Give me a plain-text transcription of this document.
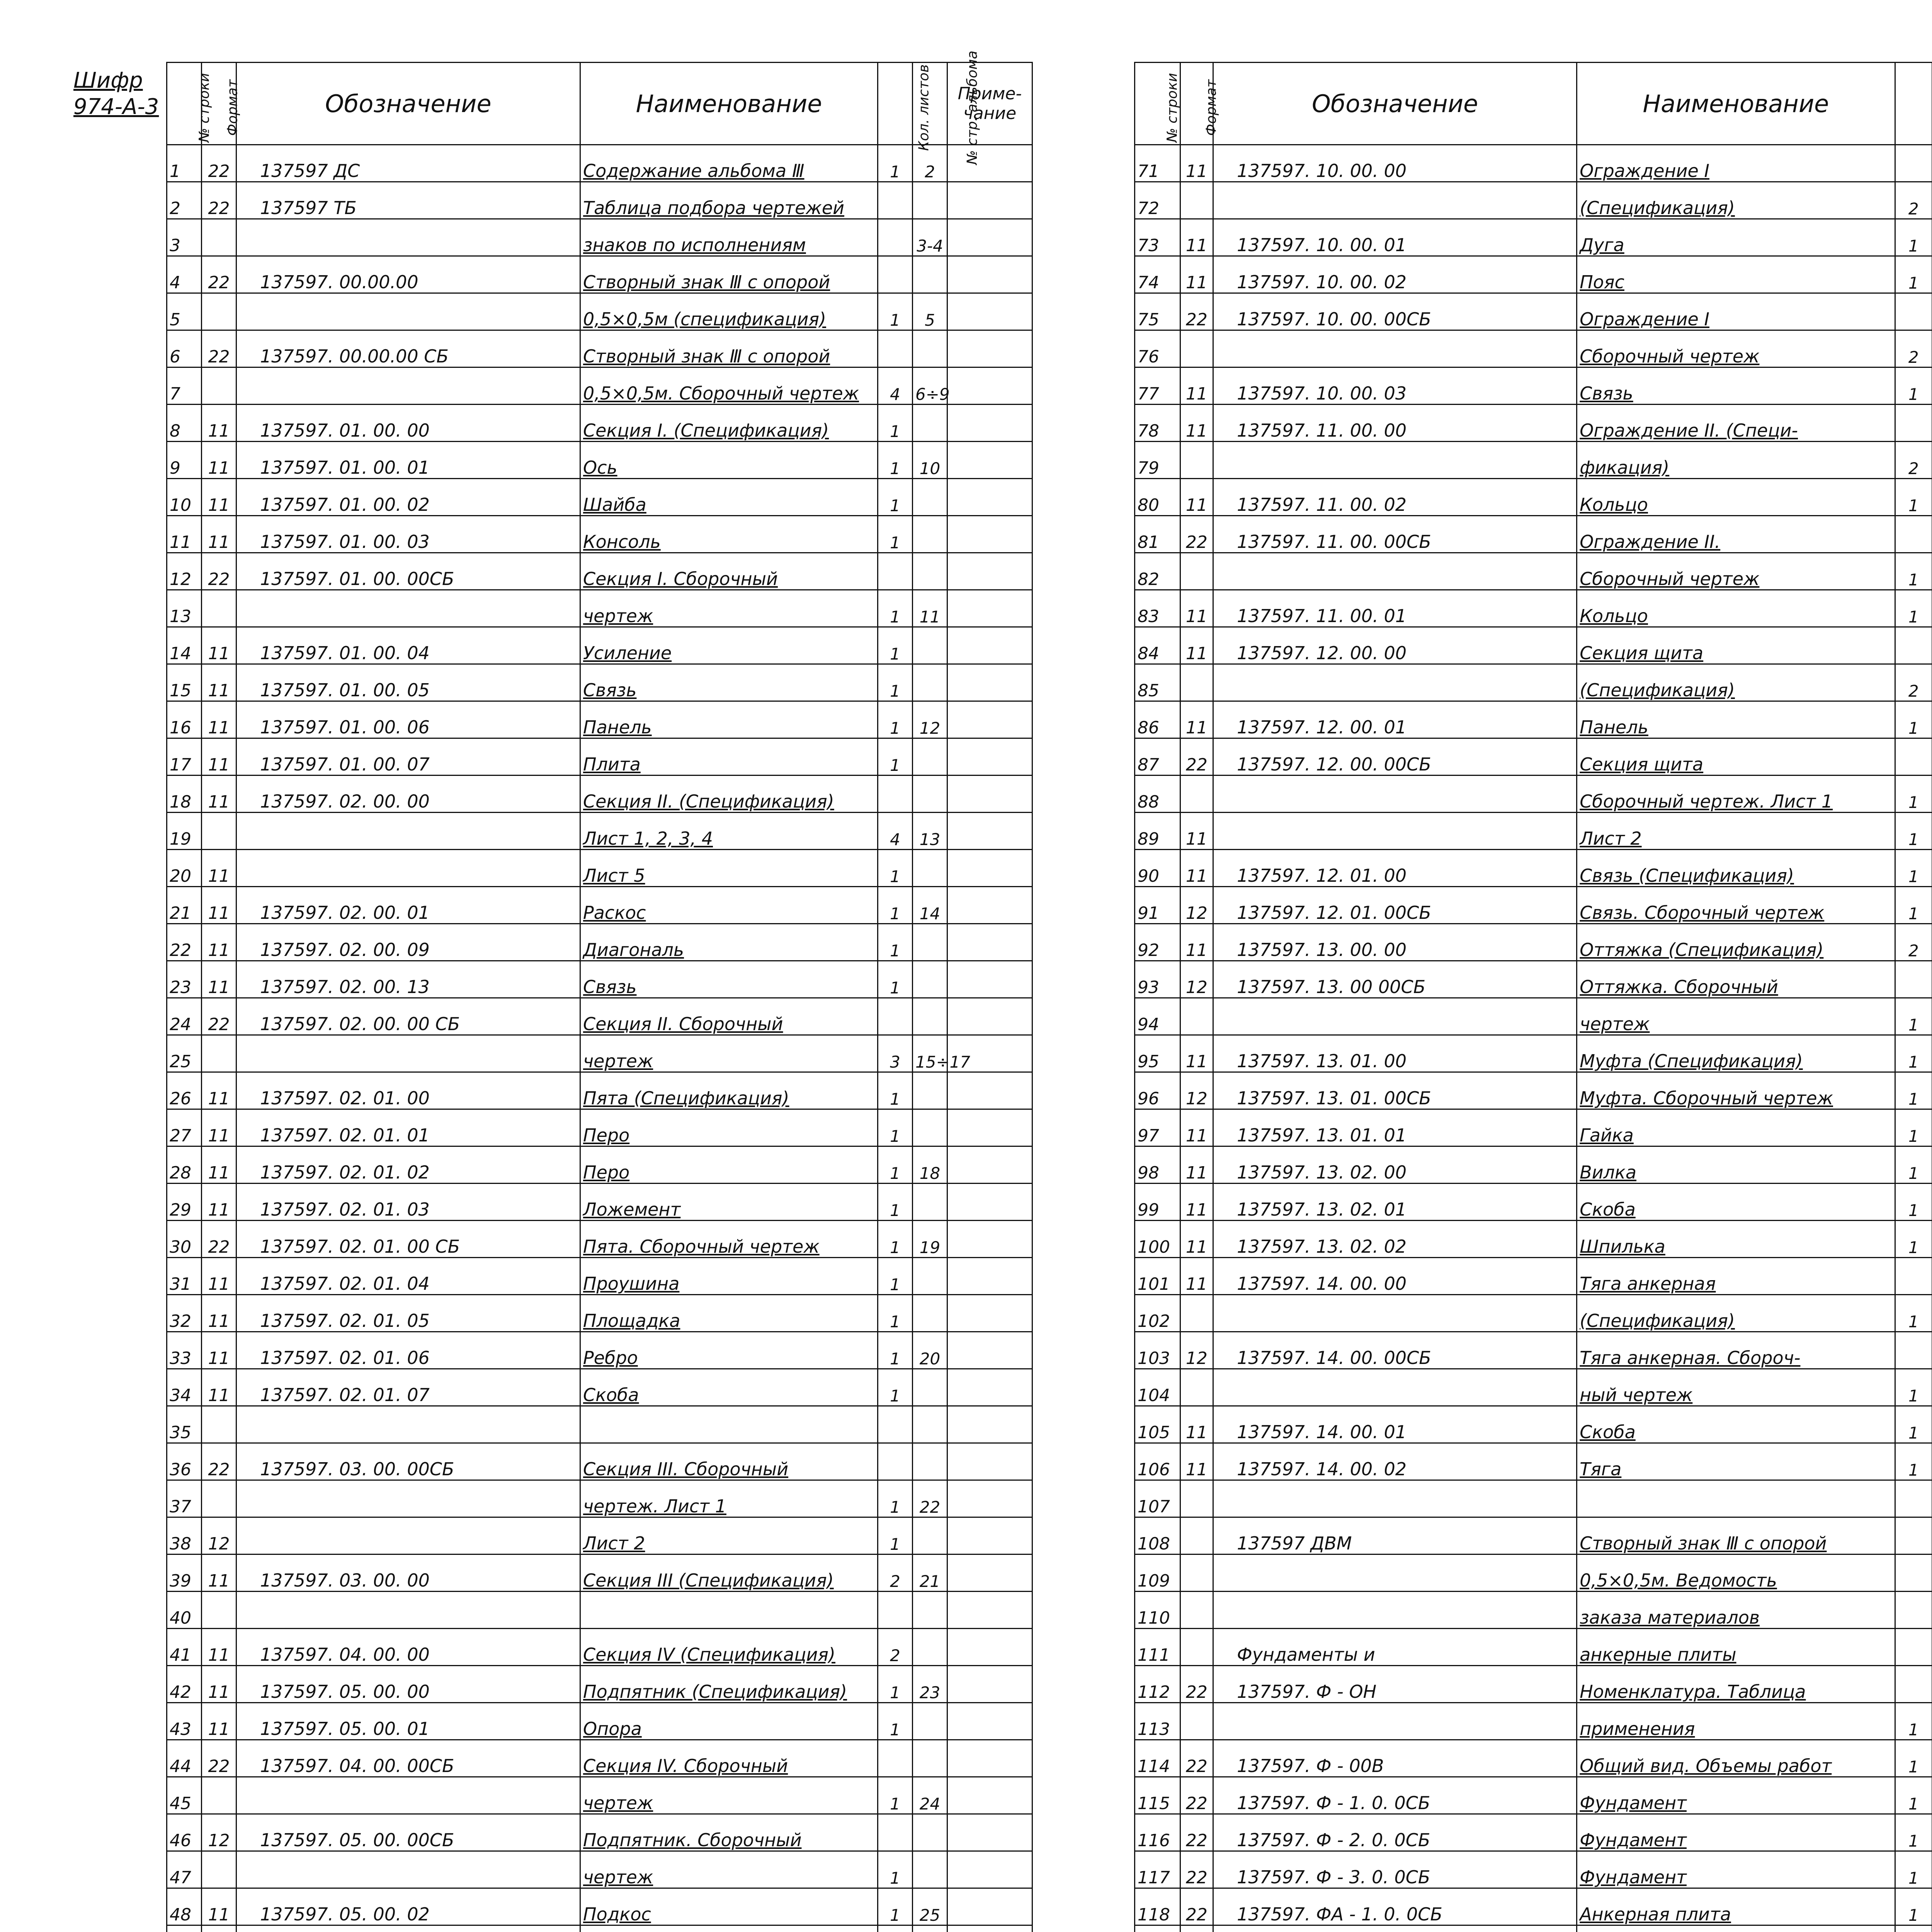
Шифр
974-А-3	№ строки	Формат	Обозначение	Наименование	Кол. листов	№ стр. альбома	Приме-чание
1	22	137597 ДС	Содержание альбома Ⅲ	1	2	
2	22	137597 ТБ	Таблица подбора чертежей			
3			знаков по исполнениям		3-4	
4	22	137597. 00.00.00	Створный знак Ⅲ с опорой			
5			0,5×0,5м (спецификация)	1	5	
6	22	137597. 00.00.00 СБ	Створный знак Ⅲ с опорой			
7			0,5×0,5м. Сборочный чертеж	4	6÷9	
8	11	137597. 01. 00. 00	Секция I. (Спецификация)	1		
9	11	137597. 01. 00. 01	Ось	1	10	
10	11	137597. 01. 00. 02	Шайба	1		
11	11	137597. 01. 00. 03	Консоль	1		
12	22	137597. 01. 00. 00СБ	Секция I. Сборочный			
13			чертеж	1	11	
14	11	137597. 01. 00. 04	Усиление	1		
15	11	137597. 01. 00. 05	Связь	1		
16	11	137597. 01. 00. 06	Панель	1	12	
17	11	137597. 01. 00. 07	Плита	1		
18	11	137597. 02. 00. 00	Секция II. (Спецификация)			
19			Лист 1, 2, 3, 4	4	13	
20	11		Лист 5	1		
21	11	137597. 02. 00. 01	Раскос	1	14	
22	11	137597. 02. 00. 09	Диагональ	1		
23	11	137597. 02. 00. 13	Связь	1		
24	22	137597. 02. 00. 00 СБ	Секция II. Сборочный			
25			чертеж	3	15÷17	
26	11	137597. 02. 01. 00	Пята (Спецификация)	1		
27	11	137597. 02. 01. 01	Перо	1		
28	11	137597. 02. 01. 02	Перо	1	18	
29	11	137597. 02. 01. 03	Ложемент	1		
30	22	137597. 02. 01. 00 СБ	Пята. Сборочный чертеж	1	19	
31	11	137597. 02. 01. 04	Проушина	1		
32	11	137597. 02. 01. 05	Площадка	1		
33	11	137597. 02. 01. 06	Ребро	1	20	
34	11	137597. 02. 01. 07	Скоба	1		
35						
36	22	137597. 03. 00. 00СБ	Секция III. Сборочный			
37			чертеж. Лист 1	1	22	
38	12		Лист 2	1		
39	11	137597. 03. 00. 00	Секция III (Спецификация)	2	21	
40						
41	11	137597. 04. 00. 00	Секция IV (Спецификация)	2		
42	11	137597. 05. 00. 00	Подпятник (Спецификация)	1	23	
43	11	137597. 05. 00. 01	Опора	1		
44	22	137597. 04. 00. 00СБ	Секция IV. Сборочный			
45			чертеж	1	24	
46	12	137597. 05. 00. 00СБ	Подпятник. Сборочный			
47			чертеж	1		
48	11	137597. 05. 00. 02	Подкос	1	25	

№ строки	Формат	Обозначение	Наименование			
71	11	137597. 10. 00. 00	Ограждение I			
72			(Спецификация)	2		
73	11	137597. 10. 00. 01	Дуга	1		
74	11	137597. 10. 00. 02	Пояс	1		
75	22	137597. 10. 00. 00СБ	Ограждение I			
76			Сборочный чертеж	2		
77	11	137597. 10. 00. 03	Связь	1		
78	11	137597. 11. 00. 00	Ограждение II. (Специ-			
79			фикация)	2		
80	11	137597. 11. 00. 02	Кольцо	1		
81	22	137597. 11. 00. 00СБ	Ограждение II.			
82			Сборочный чертеж	1		
83	11	137597. 11. 00. 01	Кольцо	1		
84	11	137597. 12. 00. 00	Секция щита			
85			(Спецификация)	2		
86	11	137597. 12. 00. 01	Панель	1		
87	22	137597. 12. 00. 00СБ	Секция щита			
88			Сборочный чертеж. Лист 1	1		
89	11		Лист 2	1		
90	11	137597. 12. 01. 00	Связь (Спецификация)	1		
91	12	137597. 12. 01. 00СБ	Связь. Сборочный чертеж	1		
92	11	137597. 13. 00. 00	Оттяжка (Спецификация)	2		
93	12	137597. 13. 00 00СБ	Оттяжка. Сборочный			
94			чертеж	1		
95	11	137597. 13. 01. 00	Муфта (Спецификация)	1		
96	12	137597. 13. 01. 00СБ	Муфта. Сборочный чертеж	1		
97	11	137597. 13. 01. 01	Гайка	1		
98	11	137597. 13. 02. 00	Вилка	1		
99	11	137597. 13. 02. 01	Скоба	1		
100	11	137597. 13. 02. 02	Шпилька	1		
101	11	137597. 14. 00. 00	Тяга анкерная			
102			(Спецификация)	1		
103	12	137597. 14. 00. 00СБ	Тяга анкерная. Сбороч-			
104			ный чертеж	1		
105	11	137597. 14. 00. 01	Скоба	1		
106	11	137597. 14. 00. 02	Тяга	1		
107						
108		137597 ДВМ	Створный знак Ⅲ с опорой			
109			0,5×0,5м. Ведомость			
110			заказа материалов			
111		Фундаменты и	анкерные плиты			
112	22	137597. Ф - ОН	Номенклатура. Таблица			
113			применения	1		
114	22	137597. Ф - 00В	Общий вид. Объемы работ	1		
115	22	137597. Ф - 1. 0. 0СБ	Фундамент	1		
116	22	137597. Ф - 2. 0. 0СБ	Фундамент	1		
117	22	137597. Ф - 3. 0. 0СБ	Фундамент	1		
118	22	137597. ФА - 1. 0. 0СБ	Анкерная плита	1		
